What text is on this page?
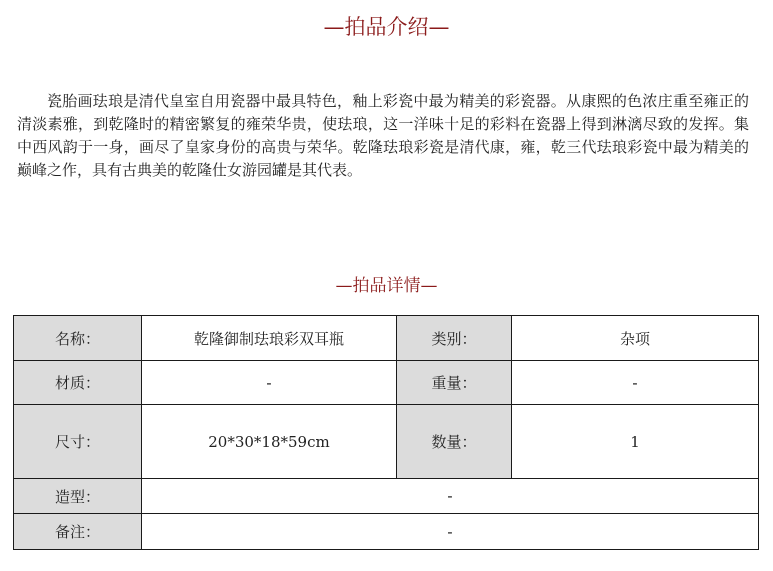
—拍品介绍—

瓷胎画珐琅是清代皇室自用瓷器中最具特色，釉上彩瓷中最为精美的彩瓷器。从康熙的色浓庄重至雍正的清淡素雅，到乾隆时的精密繁复的雍荣华贵，使珐琅，这一洋味十足的彩料在瓷器上得到淋漓尽致的发挥。集中西风韵于一身，画尽了皇家身份的高贵与荣华。乾隆珐琅彩瓷是清代康，雍，乾三代珐琅彩瓷中最为精美的巅峰之作，具有古典美的乾隆仕女游园罐是其代表。

—拍品详情—
名称：	乾隆御制珐琅彩双耳瓶	类别：	杂项
材质：	-	重量：	-
尺寸：	20*30*18*59cm	数量：	1
造型：	-		
备注：	-		
